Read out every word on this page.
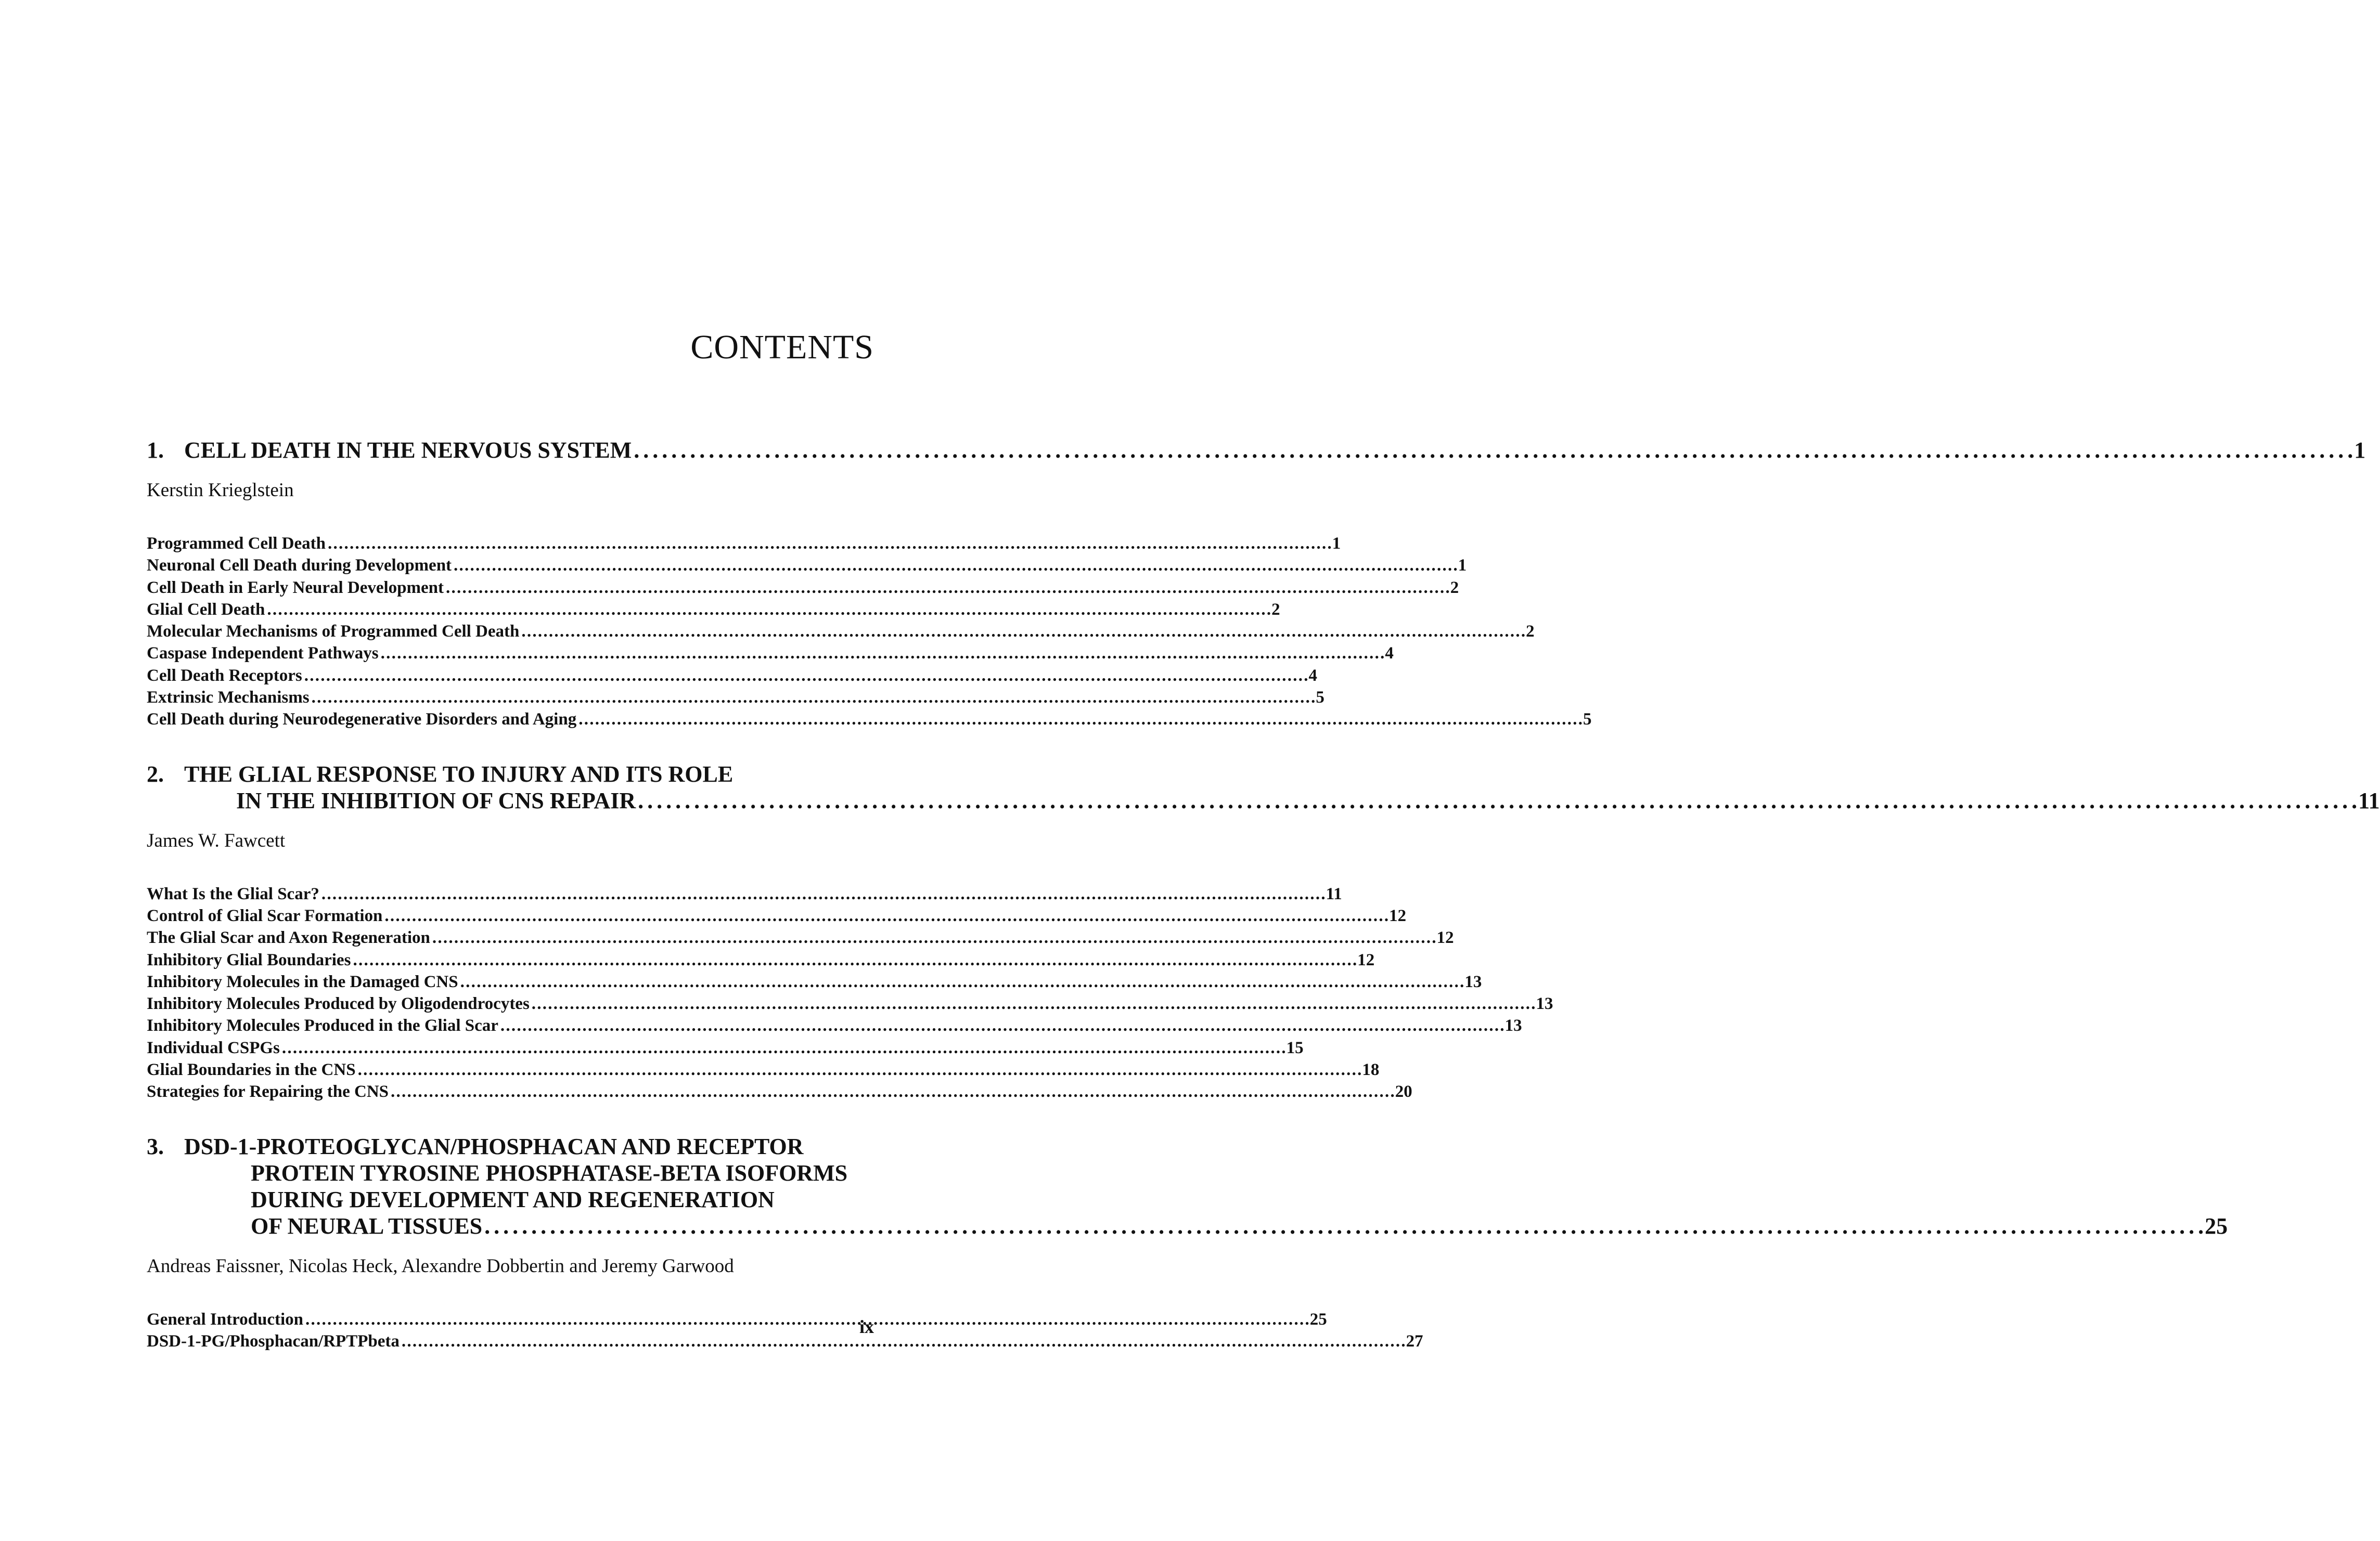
CONTENTS
1. CELL DEATH IN THE NERVOUS SYSTEM . . .	1
Kerstin Krieglstein
Programmed Cell Death . . .	1
Neuronal Cell Death during Development . . .	1
Cell Death in Early Neural Development . . .	2
Glial Cell Death . . .	2
Molecular Mechanisms of Programmed Cell Death . . .	2
Caspase Independent Pathways . . .	4
Cell Death Receptors . . .	4
Extrinsic Mechanisms . . .	5
Cell Death during Neurodegenerative Disorders and Aging . . .	5
2. THE GLIAL RESPONSE TO INJURY AND ITS ROLE
IN THE INHIBITION OF CNS REPAIR . . .	11
James W. Fawcett
What Is the Glial Scar? . . .	11
Control of Glial Scar Formation . . .	12
The Glial Scar and Axon Regeneration . . .	12
Inhibitory Glial Boundaries . . .	12
Inhibitory Molecules in the Damaged CNS . . .	13
Inhibitory Molecules Produced by Oligodendrocytes . . .	13
Inhibitory Molecules Produced in the Glial Scar . . .	13
Individual CSPGs . . .	15
Glial Boundaries in the CNS . . .	18
Strategies for Repairing the CNS . . .	20
3. DSD-1-PROTEOGLYCAN/PHOSPHACAN AND RECEPTOR
PROTEIN TYROSINE PHOSPHATASE-BETA ISOFORMS
DURING DEVELOPMENT AND REGENERATION
OF NEURAL TISSUES . . .	25
Andreas Faissner, Nicolas Heck, Alexandre Dobbertin and Jeremy Garwood
General Introduction . . .	25
DSD-1-PG/Phosphacan/RPTPbeta . . .	27
ix
